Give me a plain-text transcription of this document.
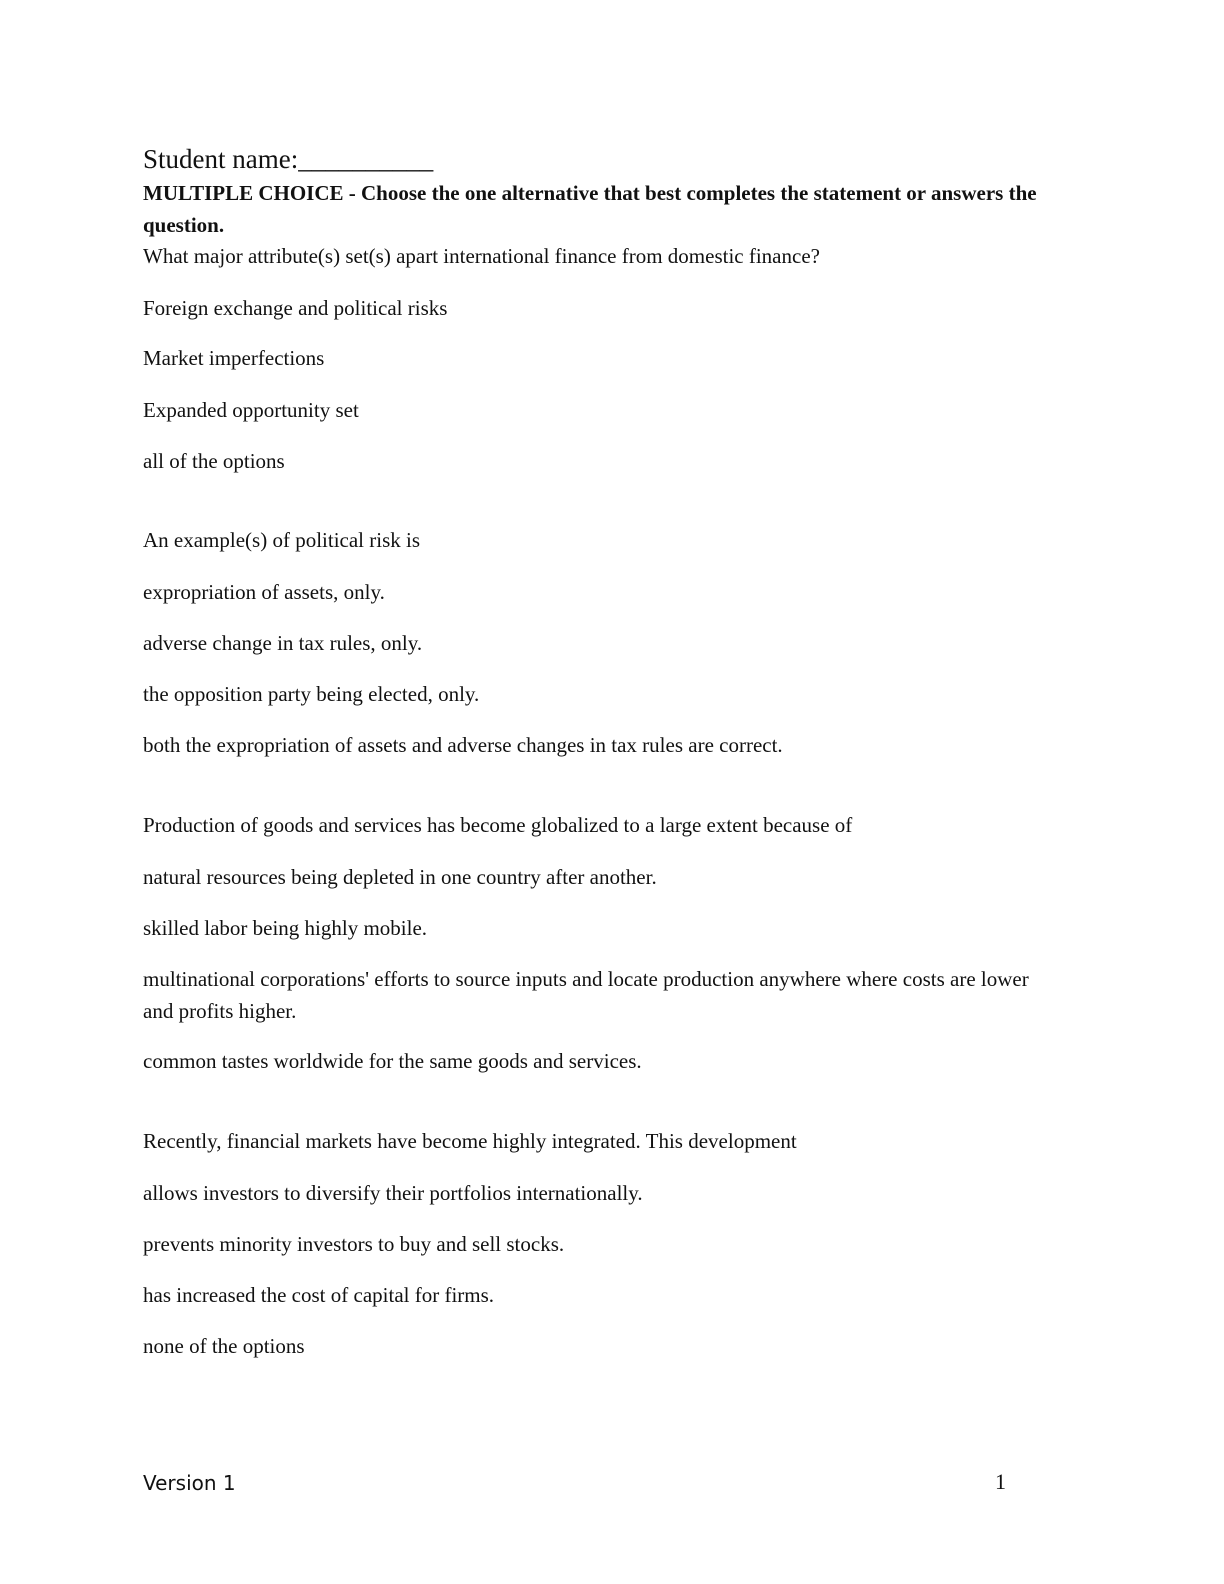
Student name:__________

MULTIPLE CHOICE - Choose the one alternative that best completes the statement or answers the question.

What major attribute(s) set(s) apart international finance from domestic finance?

Foreign exchange and political risks

Market imperfections

Expanded opportunity set

all of the options

An example(s) of political risk is

expropriation of assets, only.

adverse change in tax rules, only.

the opposition party being elected, only.

both the expropriation of assets and adverse changes in tax rules are correct.

Production of goods and services has become globalized to a large extent because of

natural resources being depleted in one country after another.

skilled labor being highly mobile.

multinational corporations' efforts to source inputs and locate production anywhere where costs are lower and profits higher.

common tastes worldwide for the same goods and services.

Recently, financial markets have become highly integrated. This development

allows investors to diversify their portfolios internationally.

prevents minority investors to buy and sell stocks.

has increased the cost of capital for firms.

none of the options

Version 1	1
